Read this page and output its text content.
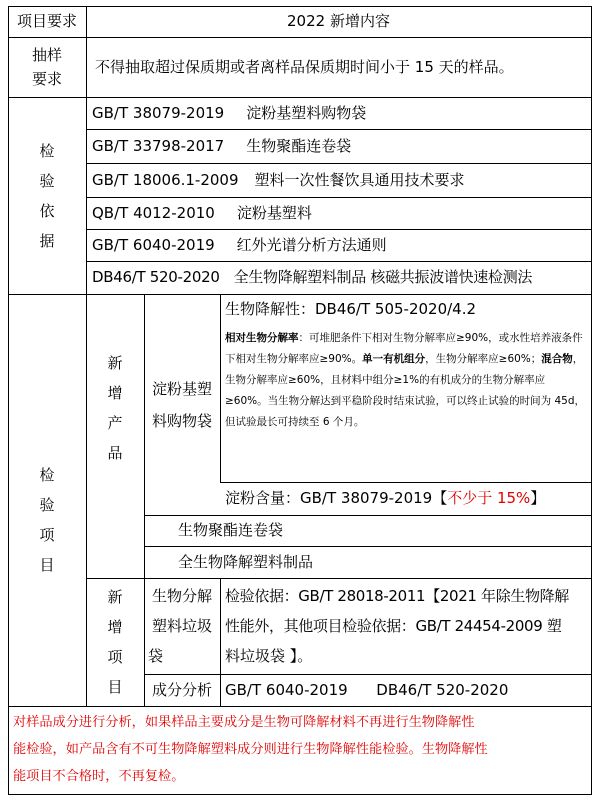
项目要求	2022 新增内容
抽样
要求
不得抽取超过保质期或者离样品保质期时间小于 15 天的样品。
检
验
依
据
GB/T 38079-2019 淀粉基塑料购物袋
GB/T 33798-2017 生物聚酯连卷袋
GB/T 18006.1-2009 塑料一次性餐饮具通用技术要求
QB/T 4012-2010 淀粉基塑料
GB/T 6040-2019 红外光谱分析方法通则
DB46/T 520-2020 全生物降解塑料制品 核磁共振波谱快速检测法
检
验
项
目
新
增
产
品
淀粉基塑
料购物袋
生物降解性：DB46/T 505-2020/4.2
相对生物分解率：可堆肥条件下相对生物分解率应≥90%，或水性培养液条件下相对生物分解率应≥90%。单一有机组分，生物分解率应≥60%；混合物，生物分解率应≥60%，且材料中组分≥1%的有机成分的生物分解率应≥60%。当生物分解达到平稳阶段时结束试验，可以终止试验的时间为 45d，但试验最长可持续至 6 个月。
淀粉含量：GB/T 38079-2019【 不少于 15% 】
生物聚酯连卷袋
全生物降解塑料制品
新
增
项
目
生物分解
塑料垃圾
袋
检验依据：GB/T 28018-2011【2021 年除生物降解
性能外，其他项目检验依据：GB/T 24454-2009 塑
料垃圾袋 】。
成分分析 GB/T 6040-2019      DB46/T 520-2020
对样品成分进行分析，如果样品主要成分是生物可降解材料不再进行生物降解性
能检验，如产品含有不可生物降解塑料成分则进行生物降解性能检验。生物降解性
能项目不合格时，不再复检。
